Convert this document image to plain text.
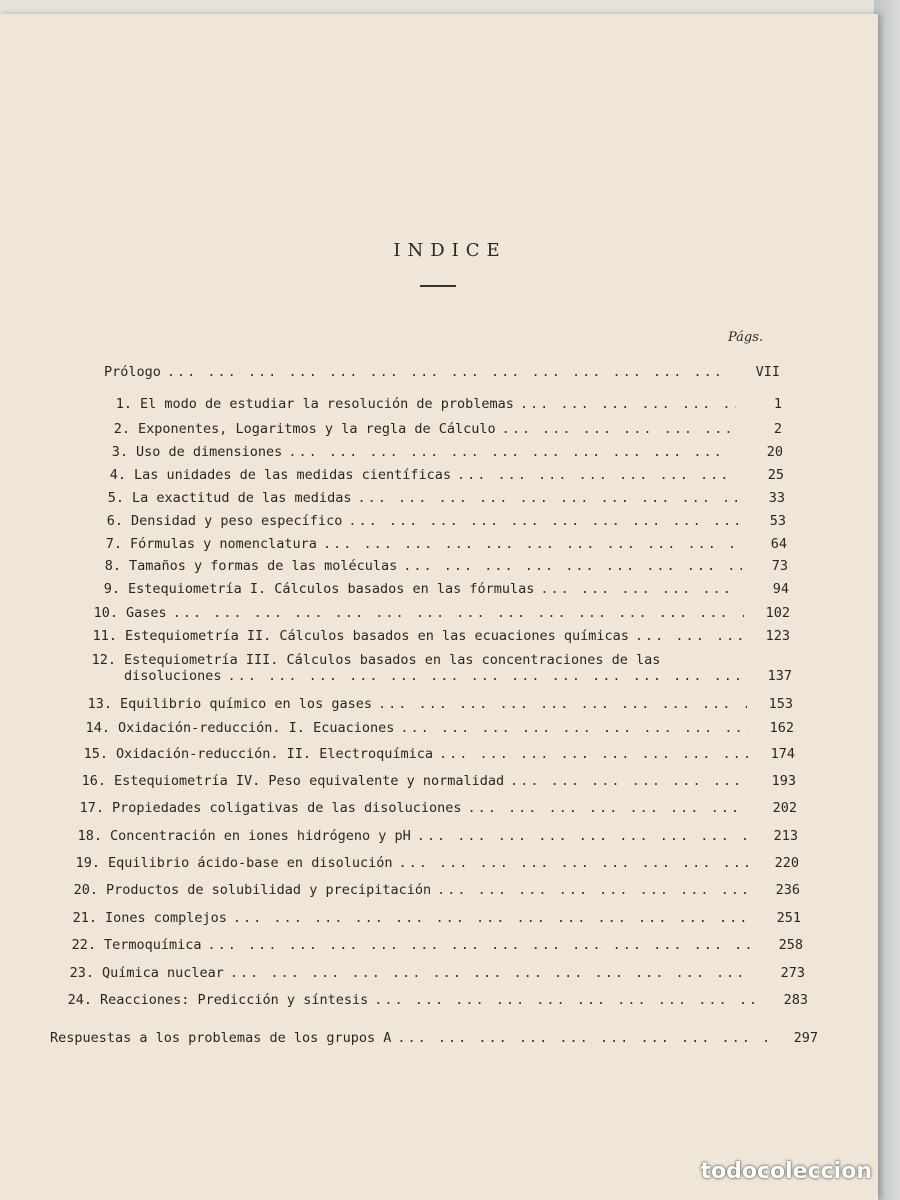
INDICE
Págs.
Prólogo ... .	VII
1. El modo de estudiar la resolución de problemas ... .	1
2. Exponentes, Logaritmos y la regla de Cálculo ... .	2
3. Uso de dimensiones ... .	20
4. Las unidades de las medidas científicas ... .	25
5. La exactitud de las medidas ... .	33
6. Densidad y peso específico ... .	53
7. Fórmulas y nomenclatura ... .	64
8. Tamaños y formas de las moléculas ... .	73
9. Estequiometría I. Cálculos basados en las fórmulas ... .	94
10. Gases ... .	102
11. Estequiometría II. Cálculos basados en las ecuaciones químicas ... .	123
12. Estequiometría III. Cálculos basados en las concentraciones de las
disoluciones ... .	137
13. Equilibrio químico en los gases ... .	153
14. Oxidación-reducción. I. Ecuaciones ... .	162
15. Oxidación-reducción. II. Electroquímica ... .	174
16. Estequiometría IV. Peso equivalente y normalidad ... .	193
17. Propiedades coligativas de las disoluciones ... .	202
18. Concentración en iones hidrógeno y pH ... .	213
19. Equilibrio ácido-base en disolución ... .	220
20. Productos de solubilidad y precipitación ... .	236
21. Iones complejos ... .	251
22. Termoquímica ... .	258
23. Química nuclear ... .	273
24. Reacciones: Predicción y síntesis ... .	283
Respuestas a los problemas de los grupos A ... .	297
todocoleccion
